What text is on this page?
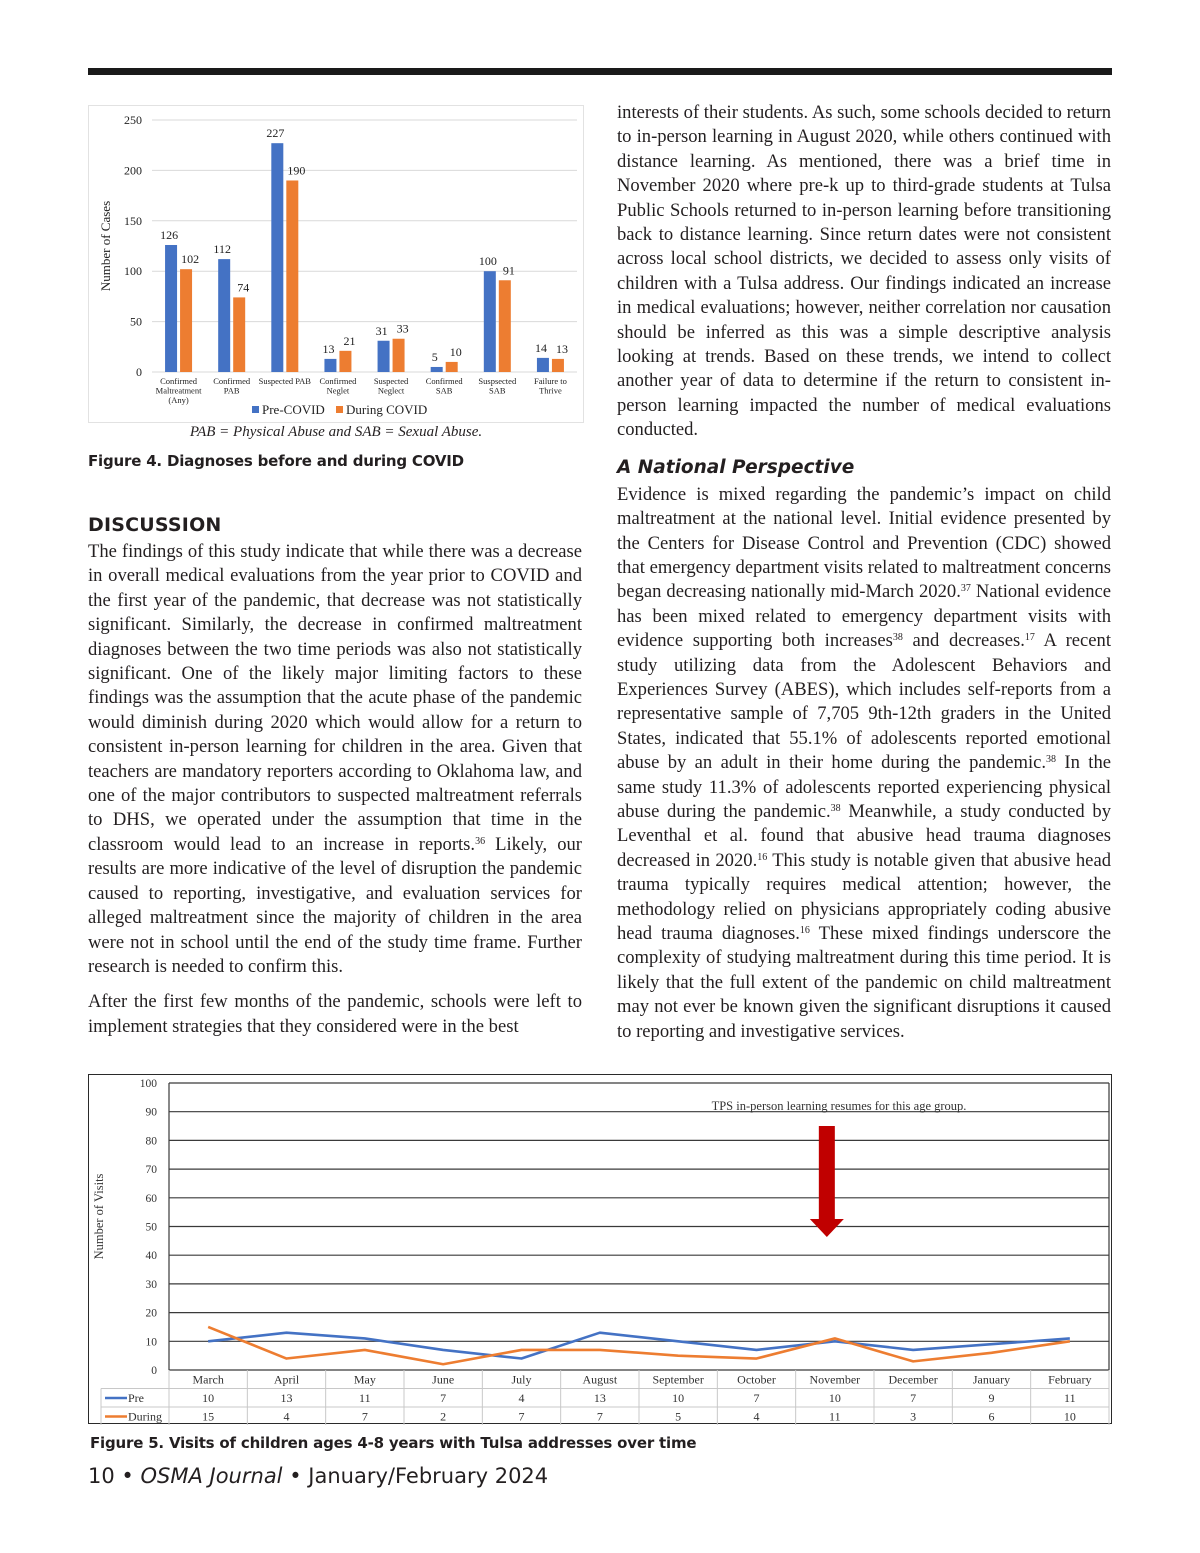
0
50
100
150
200
250
Number of Cases	126
102
Confirmed Maltreatment (Any)
112
74
Confirmed PAB
227
190
Suspected PAB
13
21
Confirmed Neglet
31 33
Suspected Neglect
5 10
Confirmed SAB
100
91
Suspsected SAB
14 13
Failure to Thrive
Pre-COVID During COVID
PAB = Physical Abuse and SAB = Sexual Abuse.
Figure 4. Diagnoses before and during COVID
DISCUSSION

The findings of this study indicate that while there was a decrease in overall medical evaluations from the year prior to COVID and the first year of the pandemic, that decrease was not statistically significant. Similarly, the decrease in confirmed maltreatment diagnoses between the two time periods was also not statistically significant. One of the likely major limiting factors to these findings was the assumption that the acute phase of the pandemic would diminish during 2020 which would allow for a return to consistent in-person learning for children in the area. Given that teachers are mandatory reporters according to Oklahoma law, and one of the major contributors to suspected maltreatment referrals to DHS, we operated under the assumption that time in the classroom would lead to an increase in reports.$^{36}$ Likely, our results are more indicative of the level of disruption the pandemic caused to reporting, investigative, and evaluation services for alleged maltreatment since the majority of children in the area were not in school until the end of the study time frame. Further research is needed to confirm this.

After the first few months of the pandemic, schools were left to implement strategies that they considered were in the best

interests of their students. As such, some schools decided to return to in-person learning in August 2020, while others continued with distance learning. As mentioned, there was a brief time in November 2020 where pre-k up to third-grade students at Tulsa Public Schools returned to in-person learning before transitioning back to distance learning. Since return dates were not consistent across local school districts, we decided to assess only visits of children with a Tulsa address. Our findings indicated an increase in medical evaluations; however, neither correlation nor causation should be inferred as this was a simple descriptive analysis looking at trends. Based on these trends, we intend to collect another year of data to determine if the return to consistent in-person learning impacted the number of medical evaluations conducted.

A National Perspective

Evidence is mixed regarding the pandemic’s impact on child maltreatment at the national level. Initial evidence presented by the Centers for Disease Control and Prevention (CDC) showed that emergency department visits related to maltreatment concerns began decreasing nationally mid-March 2020.37 National evidence has been mixed related to emergency department visits with evidence supporting both increases$^{38}$ and decreases.$^{17}$ A recent study utilizing data from the Adolescent Behaviors and Experiences Survey (ABES), which includes self-reports from a representative sample of 7,705 9th-12th graders in the United States, indicated that 55.1% of adolescents reported emotional abuse by an adult in their home during the pandemic.$^{38}$ In the same study 11.3% of adolescents reported experiencing physical abuse during the pandemic.$^{38}$ Meanwhile, a study conducted by Leventhal et al. found that abusive head trauma diagnoses decreased in 2020.16 This study is notable given that abusive head trauma typically requires medical attention; however, the methodology relied on physicians appropriately coding abusive head trauma diagnoses.$^{16}$ These mixed findings underscore the complexity of studying maltreatment during this time period. It is likely that the full extent of the pandemic on child maltreatment may not ever be known given the significant disruptions it caused to reporting and investigative services.

0
10
20
30
40
50
60
70
80
90
100
Number of Visits
TPS in-person learning resumes for this age group.
March	April	May	June	July	August	September	October	November December	January	February
Pre	10	13	11	7	4	13	10	7	10	7	9	11
During	15	4	7	2	7	7	5	4	11	3	6	10
Figure 5. Visits of children ages 4-8 years with Tulsa addresses over time
10 • OSMA Journal • January/February 2024
